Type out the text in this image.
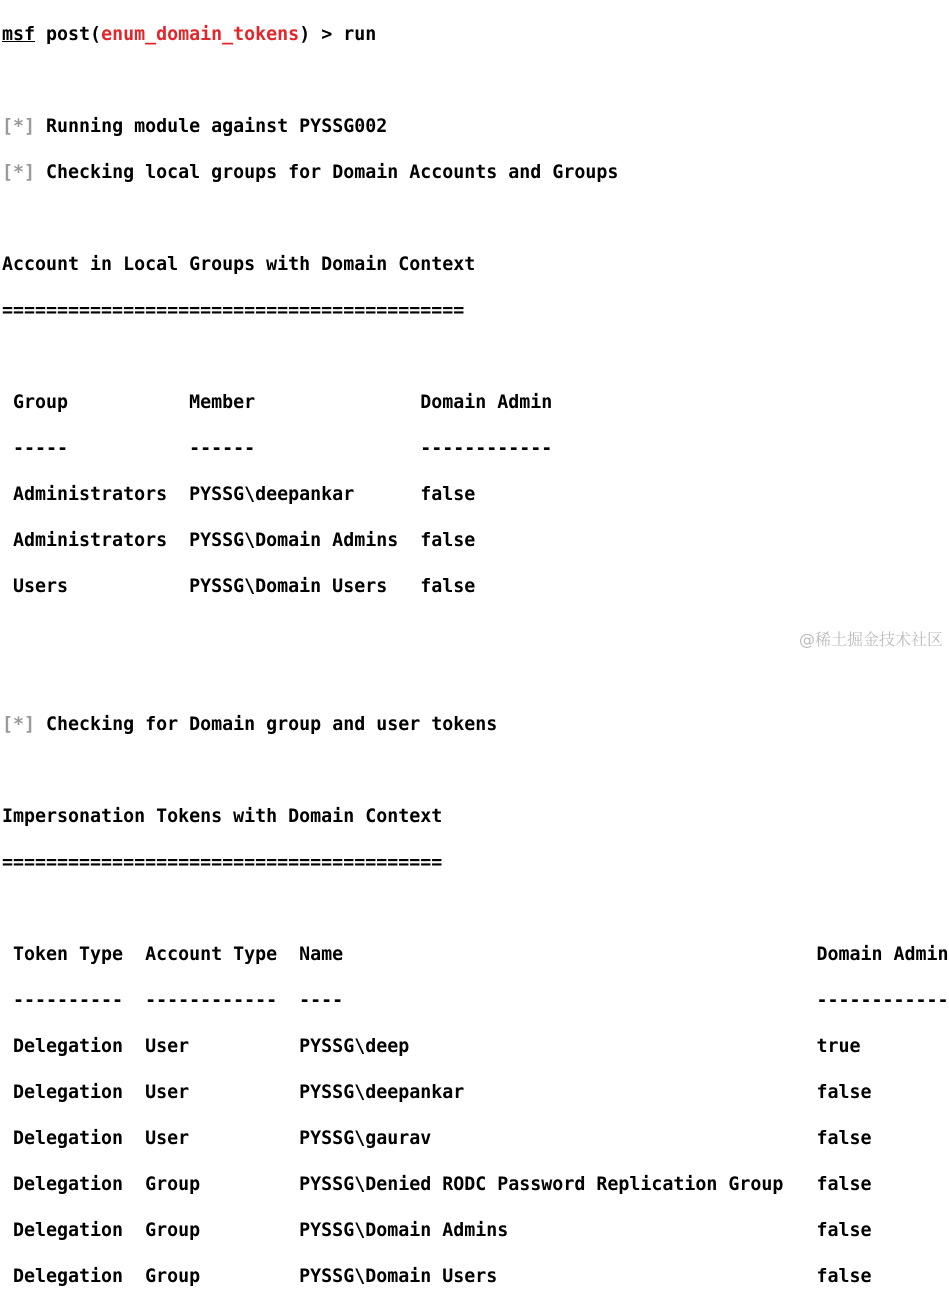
msf post(enum_domain_tokens) > run

[*] Running module against PYSSG002

[*] Checking local groups for Domain Accounts and Groups

Account in Local Groups with Domain Context

==========================================

Group           Member               Domain Admin

-----           ------               ------------

Administrators  PYSSG\deepankar      false

Administrators  PYSSG\Domain Admins  false

Users           PYSSG\Domain Users   false

[*] Checking for Domain group and user tokens

Impersonation Tokens with Domain Context

========================================

Token Type  Account Type  Name                                           Domain Admin

----------  ------------  ----                                           ------------

Delegation  User          PYSSG\deep                                     true

Delegation  User          PYSSG\deepankar                                false

Delegation  User          PYSSG\gaurav                                   false

Delegation  Group         PYSSG\Denied RODC Password Replication Group   false

Delegation  Group         PYSSG\Domain Admins                            false

Delegation  Group         PYSSG\Domain Users                             false

@稀土掘金技术社区
